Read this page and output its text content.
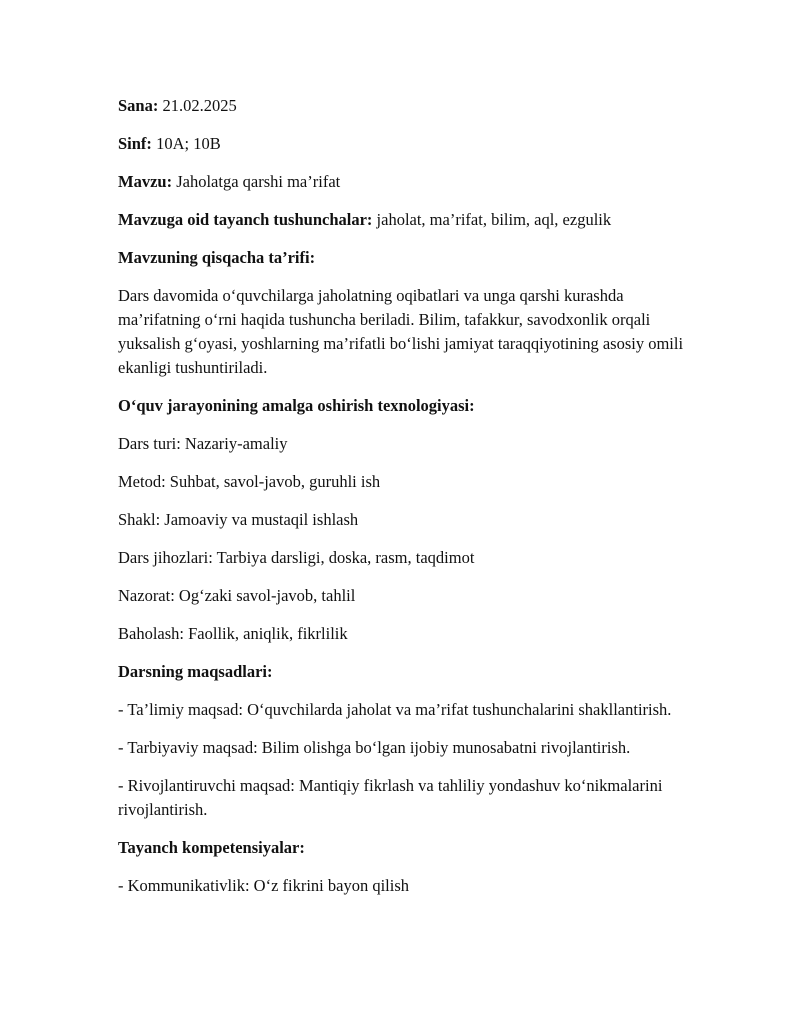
Sana: 21.02.2025

Sinf: 10A; 10B

Mavzu: Jaholatga qarshi ma’rifat

Mavzuga oid tayanch tushunchalar: jaholat, ma’rifat, bilim, aql, ezgulik

Mavzuning qisqacha ta’rifi:

Dars davomida o‘quvchilarga jaholatning oqibatlari va unga qarshi kurashda ma’rifatning o‘rni haqida tushuncha beriladi. Bilim, tafakkur, savodxonlik orqali yuksalish g‘oyasi, yoshlarning ma’rifatli bo‘lishi jamiyat taraqqiyotining asosiy omili ekanligi tushuntiriladi.

O‘quv jarayonining amalga oshirish texnologiyasi:

Dars turi: Nazariy-amaliy

Metod: Suhbat, savol-javob, guruhli ish

Shakl: Jamoaviy va mustaqil ishlash

Dars jihozlari: Tarbiya darsligi, doska, rasm, taqdimot

Nazorat: Og‘zaki savol-javob, tahlil

Baholash: Faollik, aniqlik, fikrlilik

Darsning maqsadlari:

- Ta’limiy maqsad: O‘quvchilarda jaholat va ma’rifat tushunchalarini shakllantirish.

- Tarbiyaviy maqsad: Bilim olishga bo‘lgan ijobiy munosabatni rivojlantirish.

- Rivojlantiruvchi maqsad: Mantiqiy fikrlash va tahliliy yondashuv ko‘nikmalarini rivojlantirish.

Tayanch kompetensiyalar:

- Kommunikativlik: O‘z fikrini bayon qilish
